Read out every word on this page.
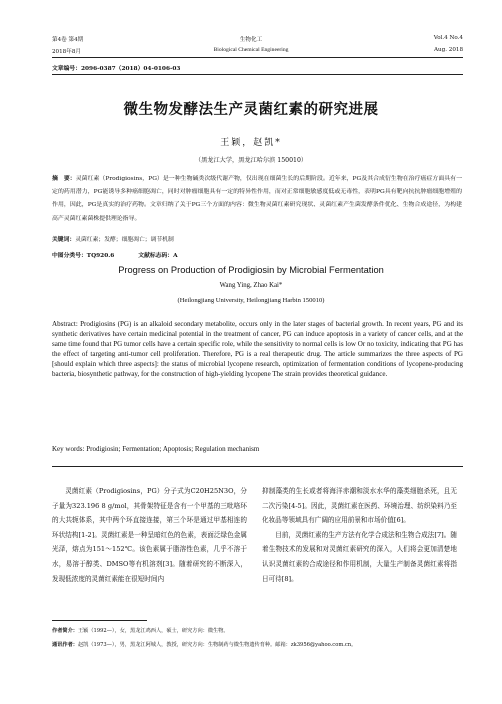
第4卷 第4期	生物化工	Vol.4 No.4
2018年8月	Biological Chemical Engineering	Aug. 2018
文章编号：2096-0387（2018）04-0106-03
微生物发酵法生产灵菌红素的研究进展
王颖，赵凯*
（黑龙江大学，黑龙江哈尔滨 150010）
摘　要：灵菌红素（Prodigiosins，PG）是一种生物碱类次级代谢产物，仅出现在细菌生长的后期阶段。近年来，PG及其合成衍生物在治疗癌症方面具有一定的药用潜力，PG能诱导多种癌细胞凋亡，同时对肿瘤细胞具有一定的特异性作用，而对正常细胞敏感度低或无毒性，表明PG具有靶向抗抗肿瘤细胞增殖的作用，因此，PG是真实的治疗药物。文章归纳了关于PG三个方面的内容：微生物灵菌红素研究现状、灵菌红素产生菌发酵条件优化、生物合成途径，为构建高产灵菌红素菌株提供理论指导。
关键词：灵菌红素；发酵；细胞凋亡；调节机制
中图分类号：TQ920.6	文献标志码：A
Progress on Production of Prodigiosin by Microbial Fermentation
Wang Ying, Zhao Kai*
(Heilongjiang University, Heilongjiang Harbin 150010)
Abstract: Prodigiosins (PG) is an alkaloid secondary metabolite, occurs only in the later stages of bacterial growth. In recent years, PG and its synthetic derivatives have certain medicinal potential in the treatment of cancer, PG can induce apoptosis in a variety of cancer cells, and at the same time found that PG tumor cells have a certain specific role, while the sensitivity to normal cells is low Or no toxicity, indicating that PG has the effect of targeting anti-tumor cell proliferation. Therefore, PG is a real therapeutic drug. The article summarizes the three aspects of PG [should explain which three aspects]: the status of microbial lycopene research, optimization of fermentation conditions of lycopene-producing bacteria, biosynthetic pathway, for the construction of high-yielding lycopene The strain provides theoretical guidance.
Key words: Prodigiosin; Fermentation; Apoptosis; Regulation mechanism

灵菌红素（Prodigiosins，PG）分子式为C20H25N3O，分子量为323.196 8 g/mol，其骨架特征是含有一个甲基的三吡咯环的大共轭体系，其中两个环直接连接，第三个环是通过甲基相连的环状结构[1-2]。灵菌红素是一种呈暗红色的色素，表面泛绿色金属光泽，熔点为151～152℃。该色素属于脂溶性色素，几乎不溶于水，易溶于醇类、DMSO等有机溶剂[3]。随着研究的不断深入，发现低浓度的灵菌红素能在很短时间内

抑制藻类的生长或者将海洋赤潮和淡水水华的藻类细胞杀死，且无二次污染[4-5]。因此，灵菌红素在医药、环境治理、纺织染料乃至化妆品等领域具有广阔的应用前景和市场价值[6]。

目前，灵菌红素的生产方法有化学合成法和生物合成法[7]。随着生物技术的发展和对灵菌红素研究的深入，人们将会更加清楚地认识灵菌红素的合成途径和作用机制，大量生产制备灵菌红素将指日可待[8]。

作者简介：王颖（1992—），女，黑龙江鸡西人，硕士，研究方向：微生物。
通讯作者：赵凯（1973—），男，黑龙江阿城人，教授，研究方向：生物制药与微生物遗传育种。邮箱：zk3956@yahoo.com.cn。
